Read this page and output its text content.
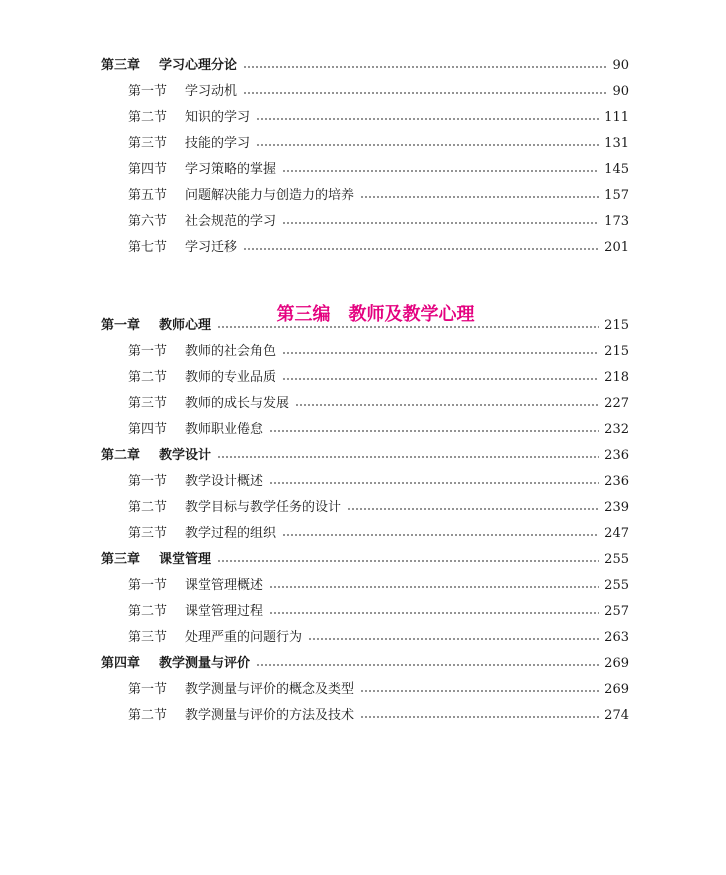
第三章	学习心理分论	90
第一节	学习动机	90
第二节	知识的学习	111
第三节	技能的学习	131
第四节	学习策略的掌握	145
第五节	问题解决能力与创造力的培养	157
第六节	社会规范的学习	173
第七节	学习迁移	201

第三编　 教师及教学心理

第一章	教师心理	215
第一节	教师的社会角色	215
第二节	教师的专业品质	218
第三节	教师的成长与发展	227
第四节	教师职业倦怠	232
第二章	教学设计	236
第一节	教学设计概述	236
第二节	教学目标与教学任务的设计	239
第三节	教学过程的组织	247
第三章	课堂管理	255
第一节	课堂管理概述	255
第二节	课堂管理过程	257
第三节	处理严重的问题行为	263
第四章	教学测量与评价	269
第一节	教学测量与评价的概念及类型	269
第二节	教学测量与评价的方法及技术	274
